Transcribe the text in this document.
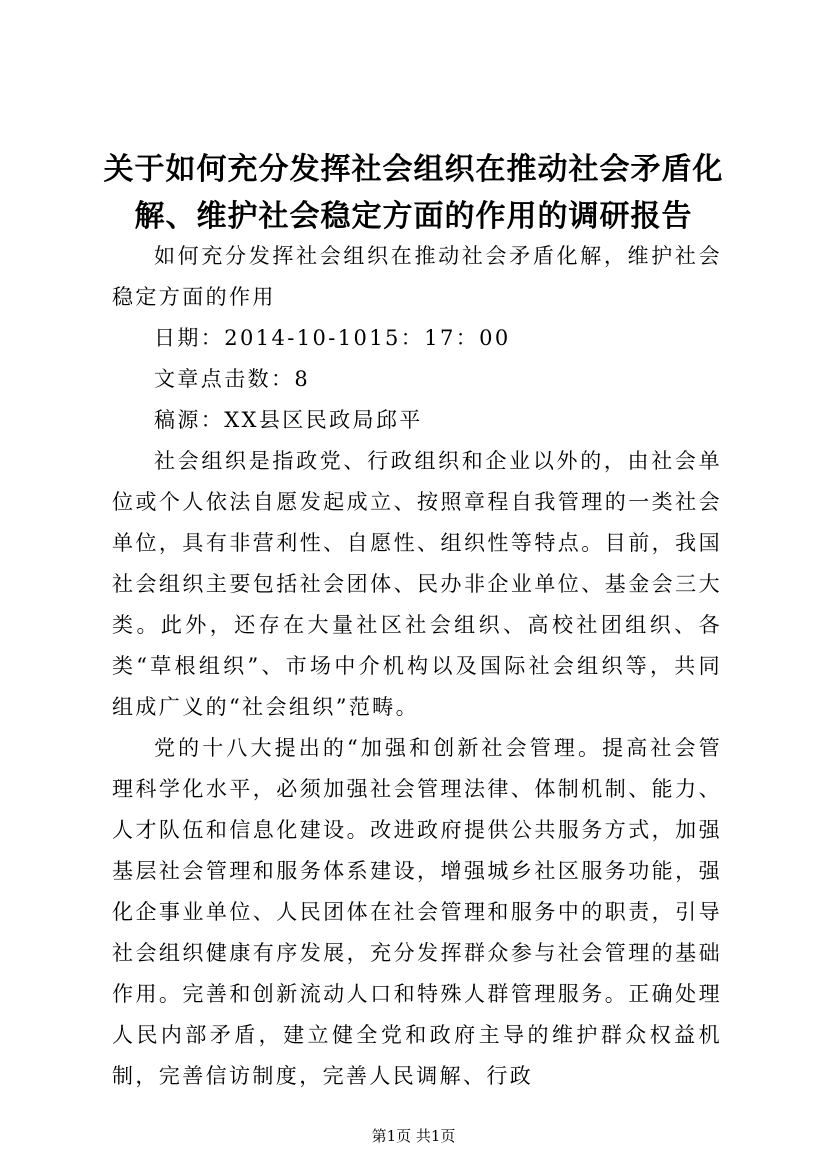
关于如何充分发挥社会组织在推动社会矛盾化解、维护社会稳定方面的作用的调研报告

如何充分发挥社会组织在推动社会矛盾化解，维护社会稳定方面的作用

日期：2014-10-1015：17：00

文章点击数：8

稿源：XX县区民政局邱平

社会组织是指政党、行政组织和企业以外的，由社会单位或个人依法自愿发起成立、按照章程自我管理的一类社会单位，具有非营利性、自愿性、组织性等特点。目前，我国社会组织主要包括社会团体、民办非企业单位、基金会三大类。此外，还存在大量社区社会组织、高校社团组织、各类“草根组织”、市场中介机构以及国际社会组织等，共同组成广义的“社会组织”范畴。

党的十八大提出的“加强和创新社会管理。提高社会管理科学化水平，必须加强社会管理法律、体制机制、能力、人才队伍和信息化建设。改进政府提供公共服务方式，加强基层社会管理和服务体系建设，增强城乡社区服务功能，强化企事业单位、人民团体在社会管理和服务中的职责，引导社会组织健康有序发展，充分发挥群众参与社会管理的基础作用。完善和创新流动人口和特殊人群管理服务。正确处理人民内部矛盾，建立健全党和政府主导的维护群众权益机制，完善信访制度，完善人民调解、行政

第1页 共1页
